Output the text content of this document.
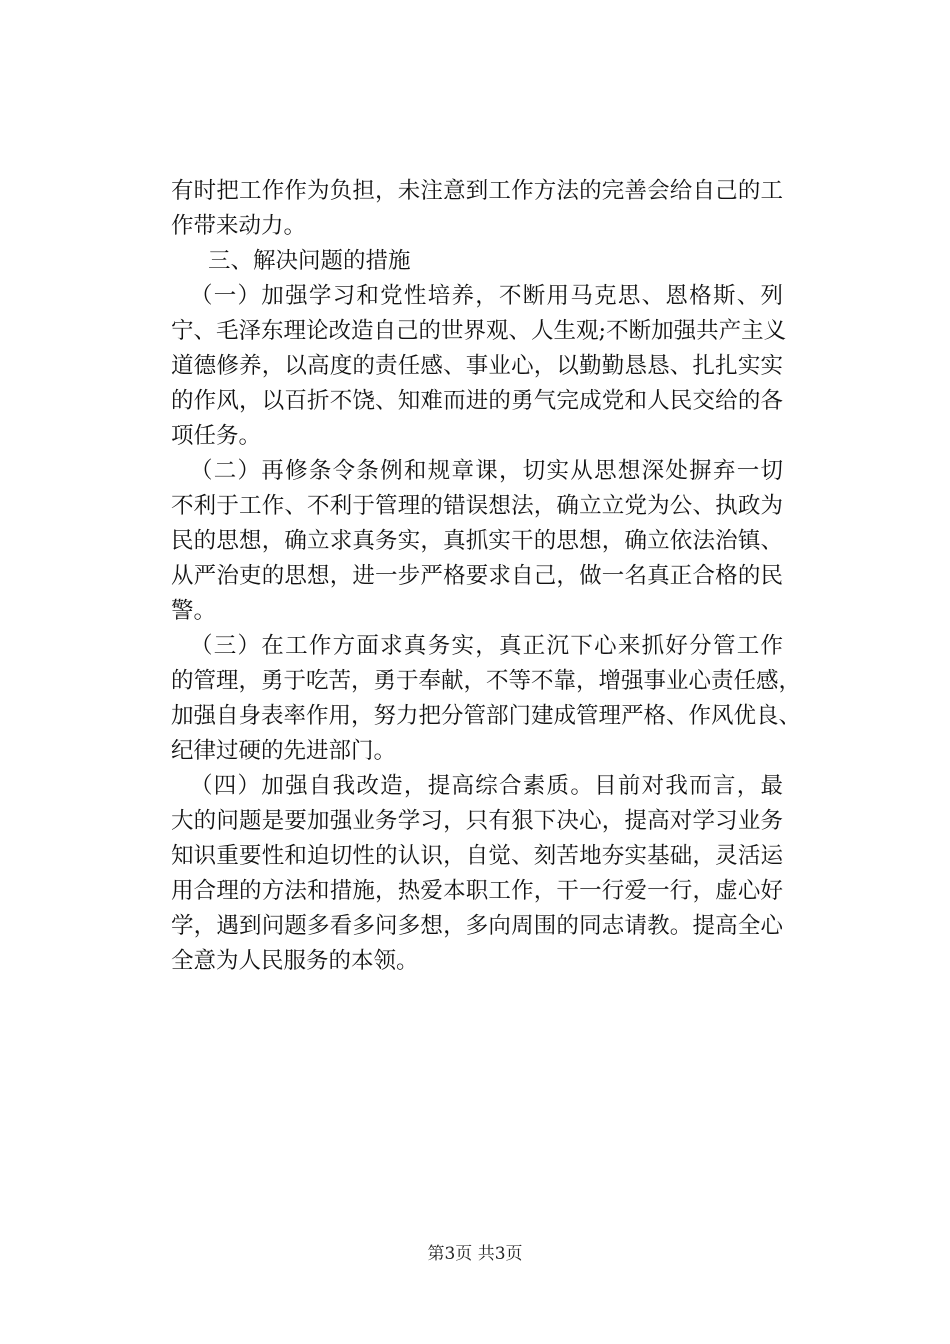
有时把工作作为负担，未注意到工作方法的完善会给自己的工
作带来动力。
三、解决问题的措施
（一）加强学习和党性培养，不断用马克思、恩格斯、列
宁、毛泽东理论改造自己的世界观、人生观;不断加强共产主义
道德修养，以高度的责任感、事业心，以勤勤恳恳、扎扎实实
的作风，以百折不饶、知难而进的勇气完成党和人民交给的各
项任务。
（二）再修条令条例和规章课，切实从思想深处摒弃一切
不利于工作、不利于管理的错误想法，确立立党为公、执政为
民的思想，确立求真务实，真抓实干的思想，确立依法治镇、
从严治吏的思想，进一步严格要求自己，做一名真正合格的民
警。
（三）在工作方面求真务实，真正沉下心来抓好分管工作
的管理，勇于吃苦，勇于奉献，不等不靠，增强事业心责任感，
加强自身表率作用，努力把分管部门建成管理严格、作风优良、
纪律过硬的先进部门。
（四）加强自我改造，提高综合素质。目前对我而言，最
大的问题是要加强业务学习，只有狠下决心，提高对学习业务
知识重要性和迫切性的认识，自觉、刻苦地夯实基础，灵活运
用合理的方法和措施，热爱本职工作，干一行爱一行，虚心好
学，遇到问题多看多问多想，多向周围的同志请教。提高全心
全意为人民服务的本领。
第3页 共3页
